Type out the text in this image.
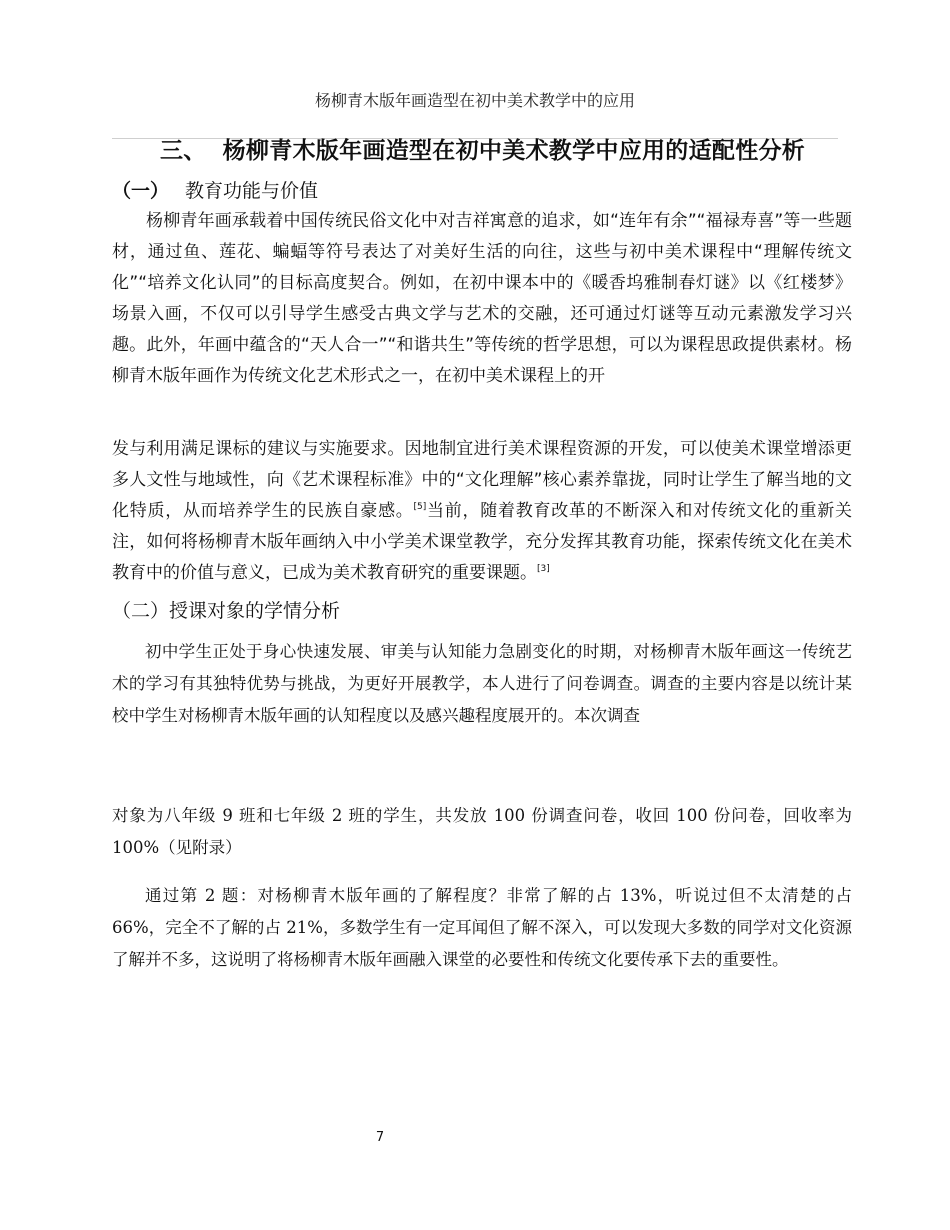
杨柳青木版年画造型在初中美术教学中的应用
三、 杨柳青木版年画造型在初中美术教学中应用的适配性分析
（一） 教育功能与价值

杨柳青年画承载着中国传统民俗文化中对吉祥寓意的追求，如“连年有余”“福禄寿喜”等一些题材，通过鱼、莲花、蝙蝠等符号表达了对美好生活的向往，这些与初中美术课程中“理解传统文化”“培养文化认同”的目标高度契合。例如，在初中课本中的《暖香坞雅制春灯谜》以《红楼梦》场景入画，不仅可以引导学生感受古典文学与艺术的交融，还可通过灯谜等互动元素激发学习兴趣。此外，年画中蕴含的“天人合一”“和谐共生”等传统的哲学思想，可以为课程思政提供素材。杨柳青木版年画作为传统文化艺术形式之一，在初中美术课程上的开

发与利用满足课标的建议与实施要求。因地制宜进行美术课程资源的开发，可以使美术课堂增添更多人文性与地域性，向《艺术课程标准》中的“文化理解”核心素养靠拢，同时让学生了解当地的文化特质，从而培养学生的民族自豪感。[5]当前，随着教育改革的不断深入和对传统文化的重新关注，如何将杨柳青木版年画纳入中小学美术课堂教学，充分发挥其教育功能，探索传统文化在美术教育中的价值与意义，已成为美术教育研究的重要课题。[3]

（二）授课对象的学情分析

初中学生正处于身心快速发展、审美与认知能力急剧变化的时期，对杨柳青木版年画这一传统艺术的学习有其独特优势与挑战，为更好开展教学，本人进行了问卷调查。调查的主要内容是以统计某校中学生对杨柳青木版年画的认知程度以及感兴趣程度展开的。本次调查

对象为八年级 9 班和七年级 2 班的学生，共发放 100 份调查问卷，收回 100 份问卷，回收率为 100%（见附录）

通过第 2 题：对杨柳青木版年画的了解程度？非常了解的占 13%，听说过但不太清楚的占 66%，完全不了解的占 21%，多数学生有一定耳闻但了解不深入，可以发现大多数的同学对文化资源了解并不多，这说明了将杨柳青木版年画融入课堂的必要性和传统文化要传承下去的重要性。

7
